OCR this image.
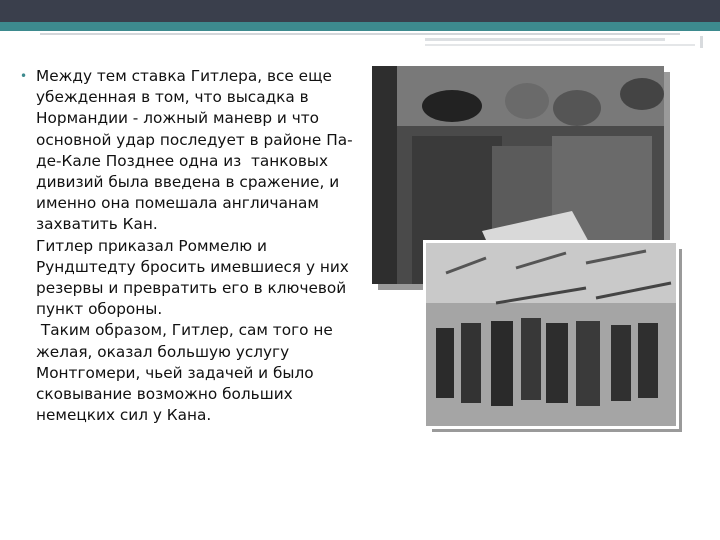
• Между тем ставка Гитлера, все еще убежденная в том, что высадка в Нормандии - ложный маневр и что основной удар последует в районе Па-де-Кале Позднее одна из  танковых дивизий была введена в сражение, и именно она помешала англичанам захватить Кан.

Гитлер приказал Роммелю и Рундштедту бросить имевшиеся у них резервы и превратить его в ключевой пункт обороны.

Таким образом, Гитлер, сам того не желая, оказал большую услугу Монтгомери, чьей задачей и было сковывание возможно больших немецких сил у Кана.
